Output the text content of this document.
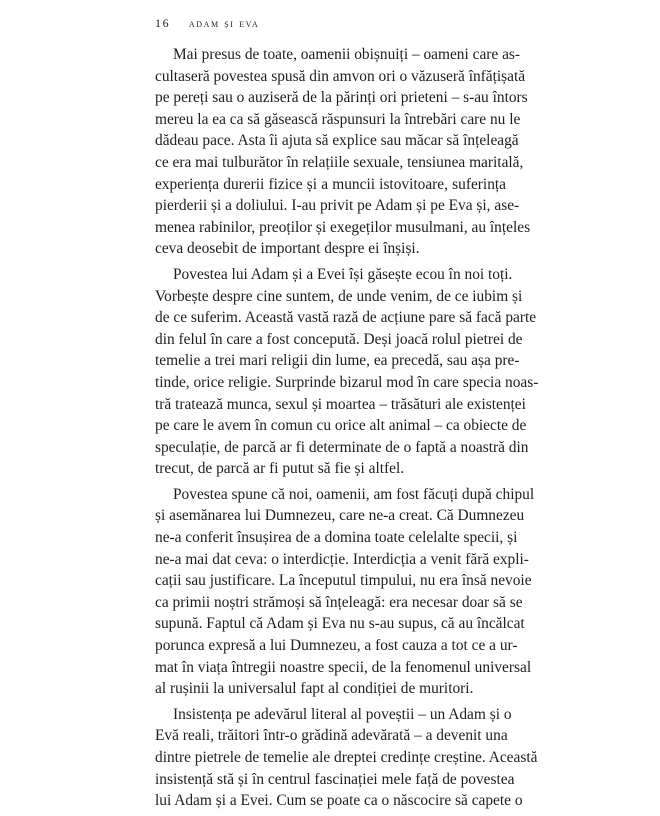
16 adam și eva

Mai presus de toate, oamenii obișnuiți – oameni care as-
cultaseră povestea spusă din amvon ori o văzuseră înfățișată
pe pereți sau o auziseră de la părinți ori prieteni – s-au întors
mereu la ea ca să găsească răspunsuri la întrebări care nu le
dădeau pace. Asta îi ajuta să explice sau măcar să înțeleagă
ce era mai tulburător în relațiile sexuale, tensiunea maritală,
experiența durerii fizice și a muncii istovitoare, suferința
pierderii și a doliului. I-au privit pe Adam și pe Eva și, ase-
menea rabinilor, preoților și exegeților musulmani, au înțeles
ceva deosebit de important despre ei înșiși.

Povestea lui Adam și a Evei își găsește ecou în noi toți.
Vorbește despre cine suntem, de unde venim, de ce iubim și
de ce suferim. Această vastă rază de acțiune pare să facă parte
din felul în care a fost concepută. Deși joacă rolul pietrei de
temelie a trei mari religii din lume, ea precedă, sau așa pre-
tinde, orice religie. Surprinde bizarul mod în care specia noas-
tră tratează munca, sexul și moartea – trăsături ale existenței
pe care le avem în comun cu orice alt animal – ca obiecte de
speculație, de parcă ar fi determinate de o faptă a noastră din
trecut, de parcă ar fi putut să fie și altfel.

Povestea spune că noi, oamenii, am fost făcuți după chipul
și asemănarea lui Dumnezeu, care ne-a creat. Că Dumnezeu
ne-a conferit însușirea de a domina toate celelalte specii, și
ne-a mai dat ceva: o interdicție. Interdicția a venit fără expli-
cații sau justificare. La începutul timpului, nu era însă nevoie
ca primii noștri strămoși să înțeleagă: era necesar doar să se
supună. Faptul că Adam și Eva nu s-au supus, că au încălcat
porunca expresă a lui Dumnezeu, a fost cauza a tot ce a ur-
mat în viața întregii noastre specii, de la fenomenul universal
al rușinii la universalul fapt al condiției de muritori.

Insistența pe adevărul literal al poveștii – un Adam și o
Evă reali, trăitori într-o grădină adevărată – a devenit una
dintre pietrele de temelie ale dreptei credințe creștine. Această
insistență stă și în centrul fascinației mele față de povestea
lui Adam și a Evei. Cum se poate ca o născocire să capete o
